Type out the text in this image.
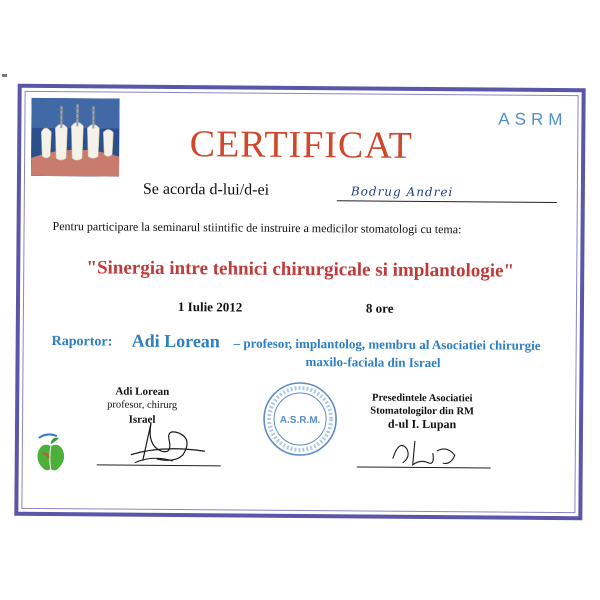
ASRM
CERTIFICAT
Se acorda d-lui/d-ei	Bodrug Andrei
Pentru participare la seminarul stiintific de instruire a medicilor stomatologi cu tema:
"Sinergia intre tehnici chirurgicale si implantologie"
1 Iulie 2012	8 ore
Raportor: Adi Lorean – profesor, implantolog, membru al Asociatiei chirurgie
maxilo-faciala din Israel
Adi Lorean
profesor, chirurg
Israel	A.S.R.M.
Presedintele Asociatiei
Stomatologilor din RM
d-ul I. Lupan
